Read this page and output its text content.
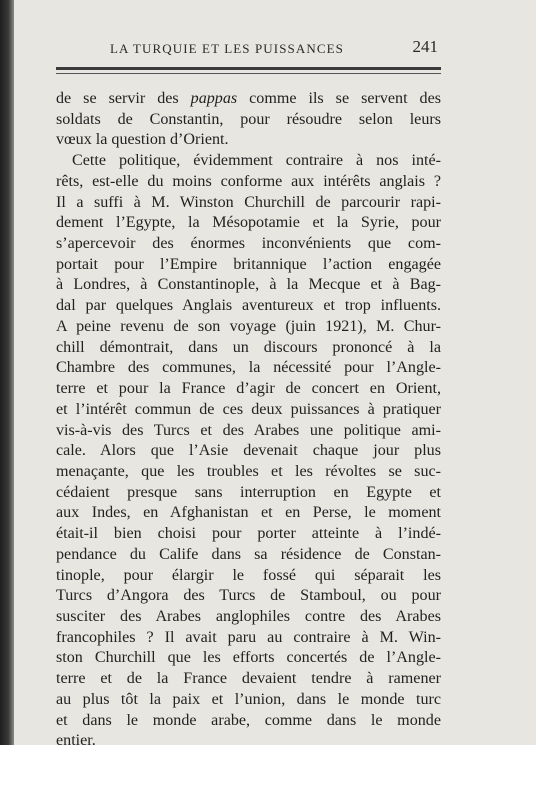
LA TURQUIE ET LES PUISSANCES	241
de se servir des pappas comme ils se servent des
soldats de Constantin, pour résoudre selon leurs
vœux la question d’Orient.
Cette politique, évidemment contraire à nos inté-
rêts, est-elle du moins conforme aux intérêts anglais ?
Il a suffi à M. Winston Churchill de parcourir rapi-
dement l’Egypte, la Mésopotamie et la Syrie, pour
s’apercevoir des énormes inconvénients que com-
portait pour l’Empire britannique l’action engagée
à Londres, à Constantinople, à la Mecque et à Bag-
dal par quelques Anglais aventureux et trop influents.
A peine revenu de son voyage (juin 1921), M. Chur-
chill démontrait, dans un discours prononcé à la
Chambre des communes, la nécessité pour l’Angle-
terre et pour la France d’agir de concert en Orient,
et l’intérêt commun de ces deux puissances à pratiquer
vis-à-vis des Turcs et des Arabes une politique ami-
cale. Alors que l’Asie devenait chaque jour plus
menaçante, que les troubles et les révoltes se suc-
cédaient presque sans interruption en Egypte et
aux Indes, en Afghanistan et en Perse, le moment
était-il bien choisi pour porter atteinte à l’indé-
pendance du Calife dans sa résidence de Constan-
tinople, pour élargir le fossé qui séparait les
Turcs d’Angora des Turcs de Stamboul, ou pour
susciter des Arabes anglophiles contre des Arabes
francophiles ? Il avait paru au contraire à M. Win-
ston Churchill que les efforts concertés de l’Angle-
terre et de la France devaient tendre à ramener
au plus tôt la paix et l’union, dans le monde turc
et dans le monde arabe, comme dans le monde
entier.
